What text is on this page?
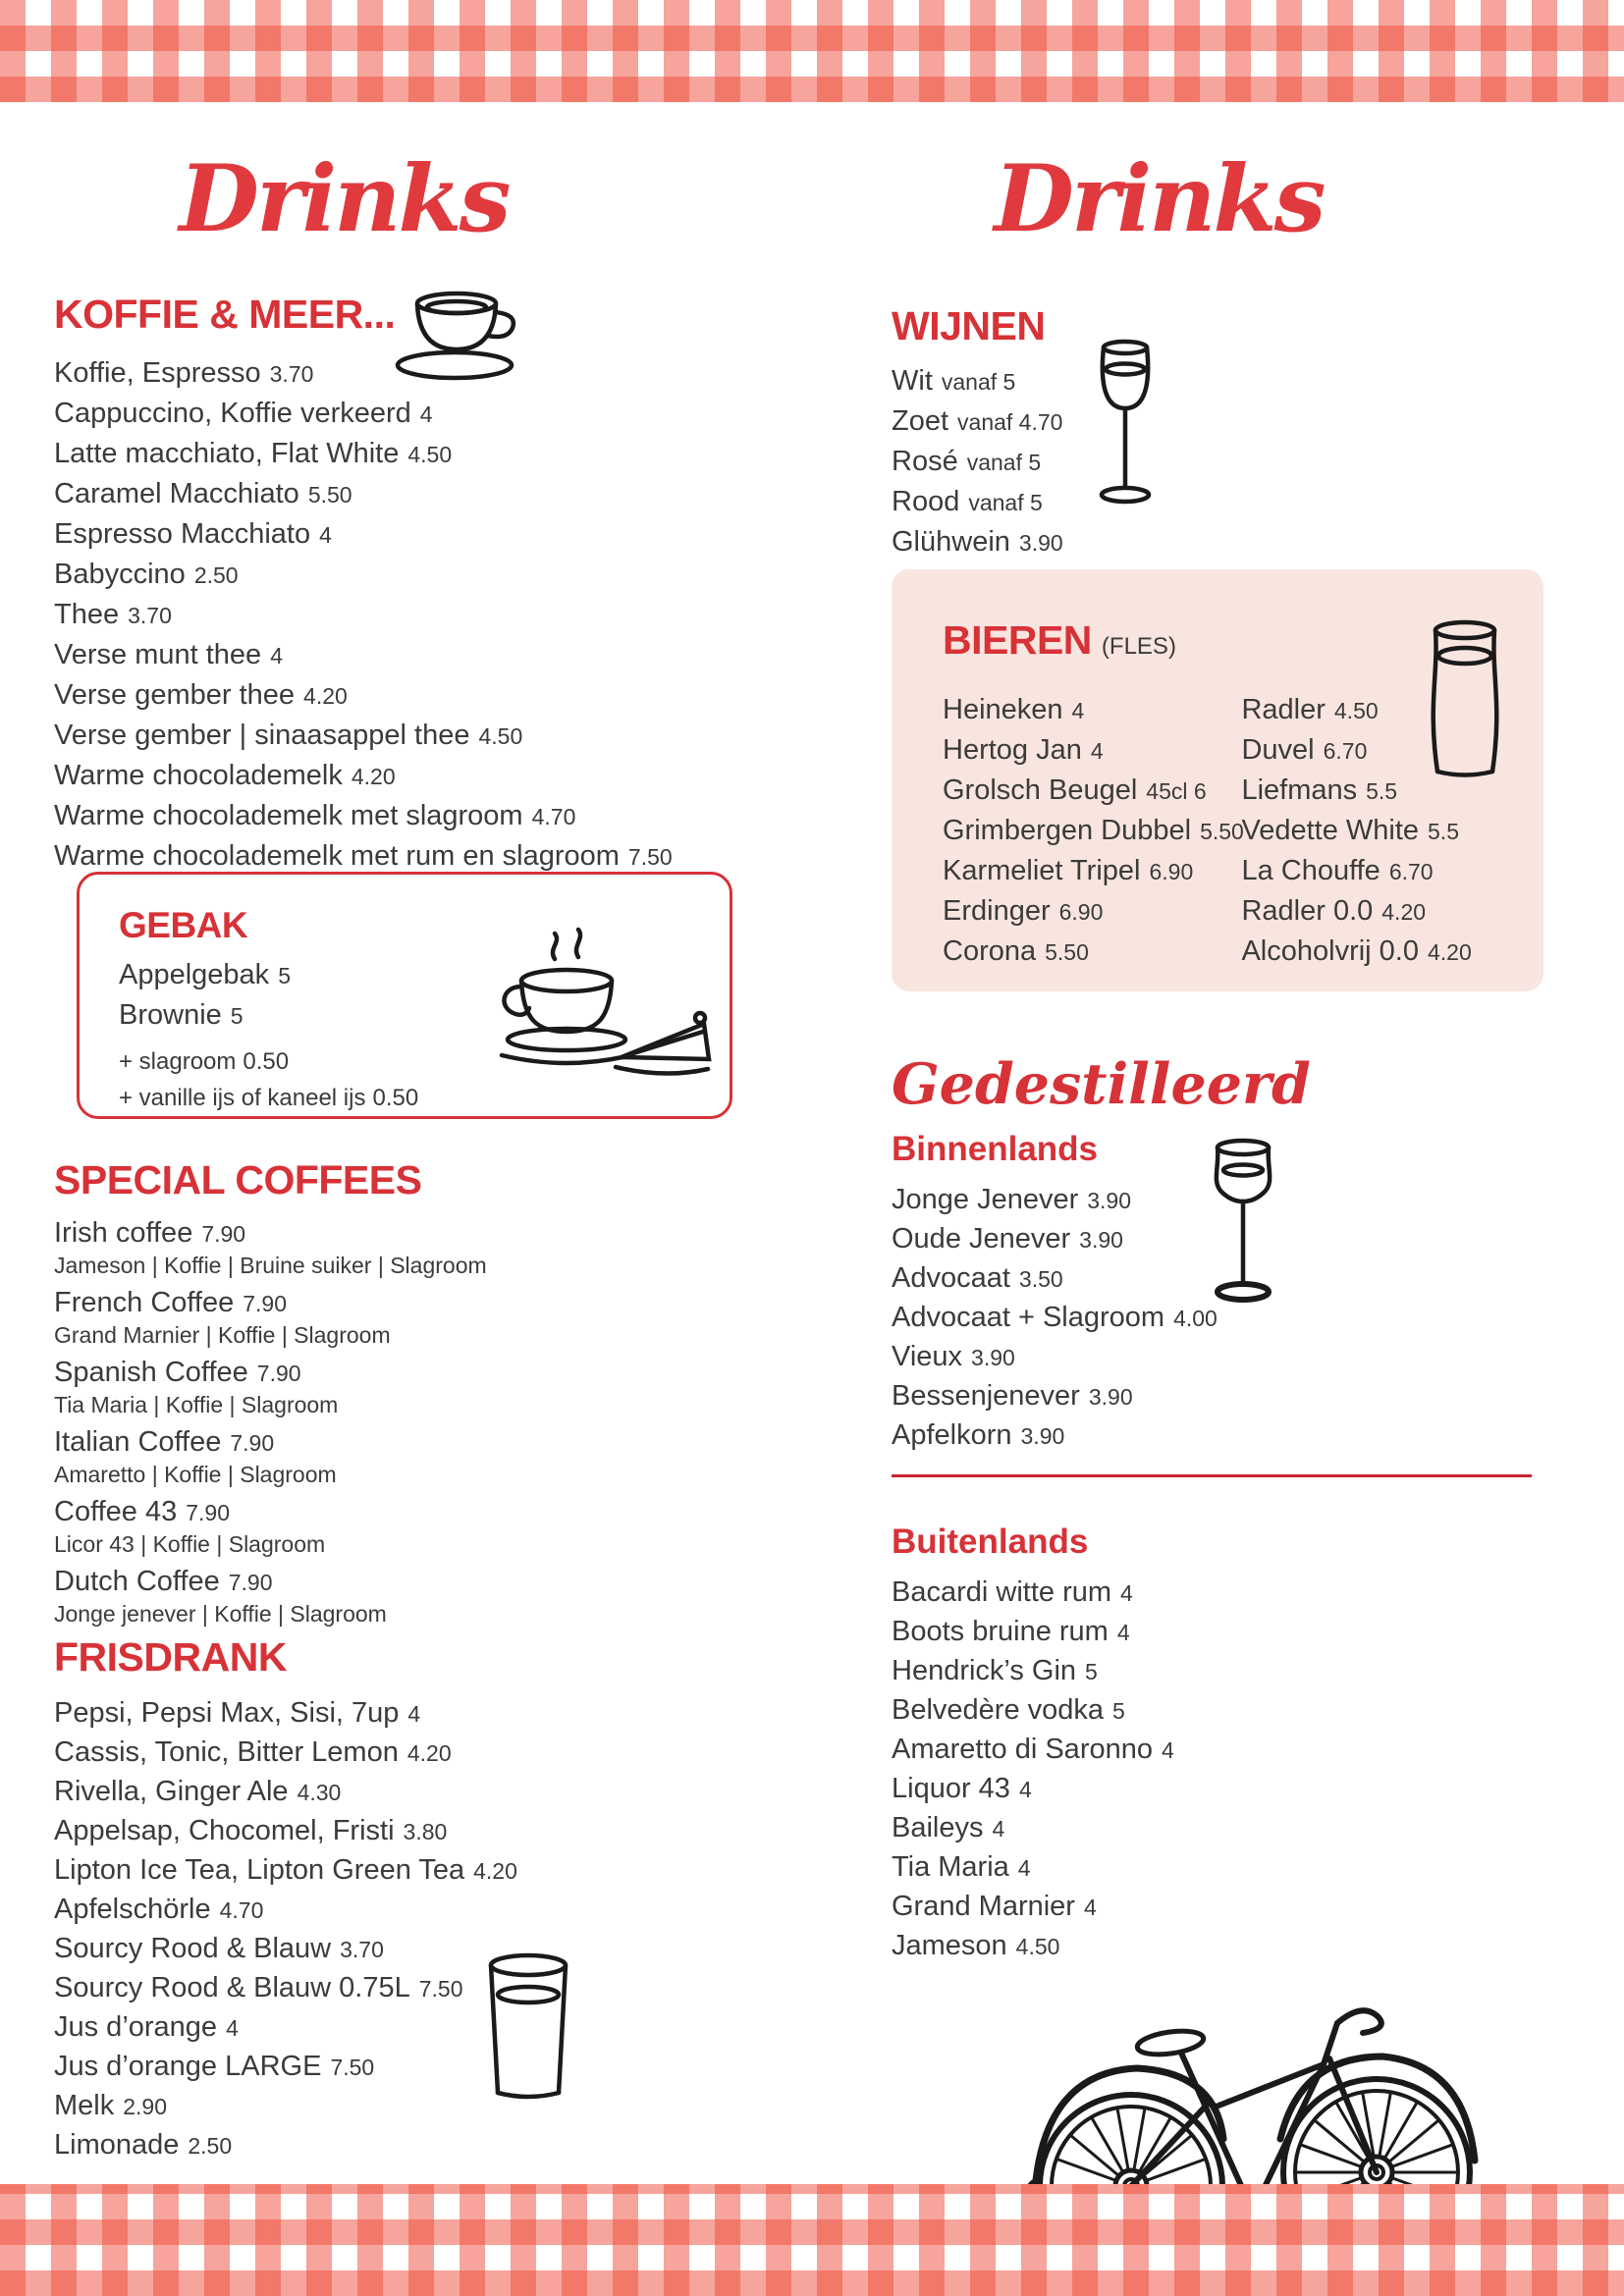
Drinks	Drinks
KOFFIE & MEER...
Koffie, Espresso 3.70
Cappuccino, Koffie verkeerd 4
Latte macchiato, Flat White 4.50
Caramel Macchiato 5.50
Espresso Macchiato 4
Babyccino 2.50
Thee 3.70
Verse munt thee 4
Verse gember thee 4.20
Verse gember | sinaasappel thee 4.50
Warme chocolademelk 4.20
Warme chocolademelk met slagroom 4.70
Warme chocolademelk met rum en slagroom 7.50
GEBAK
Appelgebak 5
Brownie 5
+ slagroom 0.50
+ vanille ijs of kaneel ijs 0.50
SPECIAL COFFEES
Irish coffee 7.90
Jameson | Koffie | Bruine suiker | Slagroom
French Coffee 7.90
Grand Marnier | Koffie | Slagroom
Spanish Coffee 7.90
Tia Maria | Koffie | Slagroom
Italian Coffee 7.90
Amaretto | Koffie | Slagroom
Coffee 43 7.90
Licor 43 | Koffie | Slagroom
Dutch Coffee 7.90
Jonge jenever | Koffie | Slagroom
FRISDRANK
Pepsi, Pepsi Max, Sisi, 7up 4
Cassis, Tonic, Bitter Lemon 4.20
Rivella, Ginger Ale 4.30
Appelsap, Chocomel, Fristi 3.80
Lipton Ice Tea, Lipton Green Tea 4.20
Apfelschörle 4.70
Sourcy Rood & Blauw 3.70
Sourcy Rood & Blauw 0.75L 7.50
Jus d’orange 4
Jus d’orange LARGE 7.50
Melk 2.90
Limonade 2.50
WIJNEN
Wit vanaf 5
Zoet vanaf 4.70
Rosé vanaf 5
Rood vanaf 5
Glühwein 3.90
BIEREN (FLES)
Heineken 4
Hertog Jan 4
Grolsch Beugel 45cl 6
Grimbergen Dubbel 5.50
Karmeliet Tripel 6.90
Erdinger 6.90
Corona 5.50

Radler 4.50
Duvel 6.70
Liefmans 5.5
Vedette White 5.5
La Chouffe 6.70
Radler 0.0 4.20
Alcoholvrij 0.0 4.20
Gedestilleerd
Binnenlands
Jonge Jenever 3.90
Oude Jenever 3.90
Advocaat 3.50
Advocaat + Slagroom 4.00
Vieux 3.90
Bessenjenever 3.90
Apfelkorn 3.90
Buitenlands
Bacardi witte rum 4
Boots bruine rum 4
Hendrick’s Gin 5
Belvedère vodka 5
Amaretto di Saronno 4
Liquor 43 4
Baileys 4
Tia Maria 4
Grand Marnier 4
Jameson 4.50
